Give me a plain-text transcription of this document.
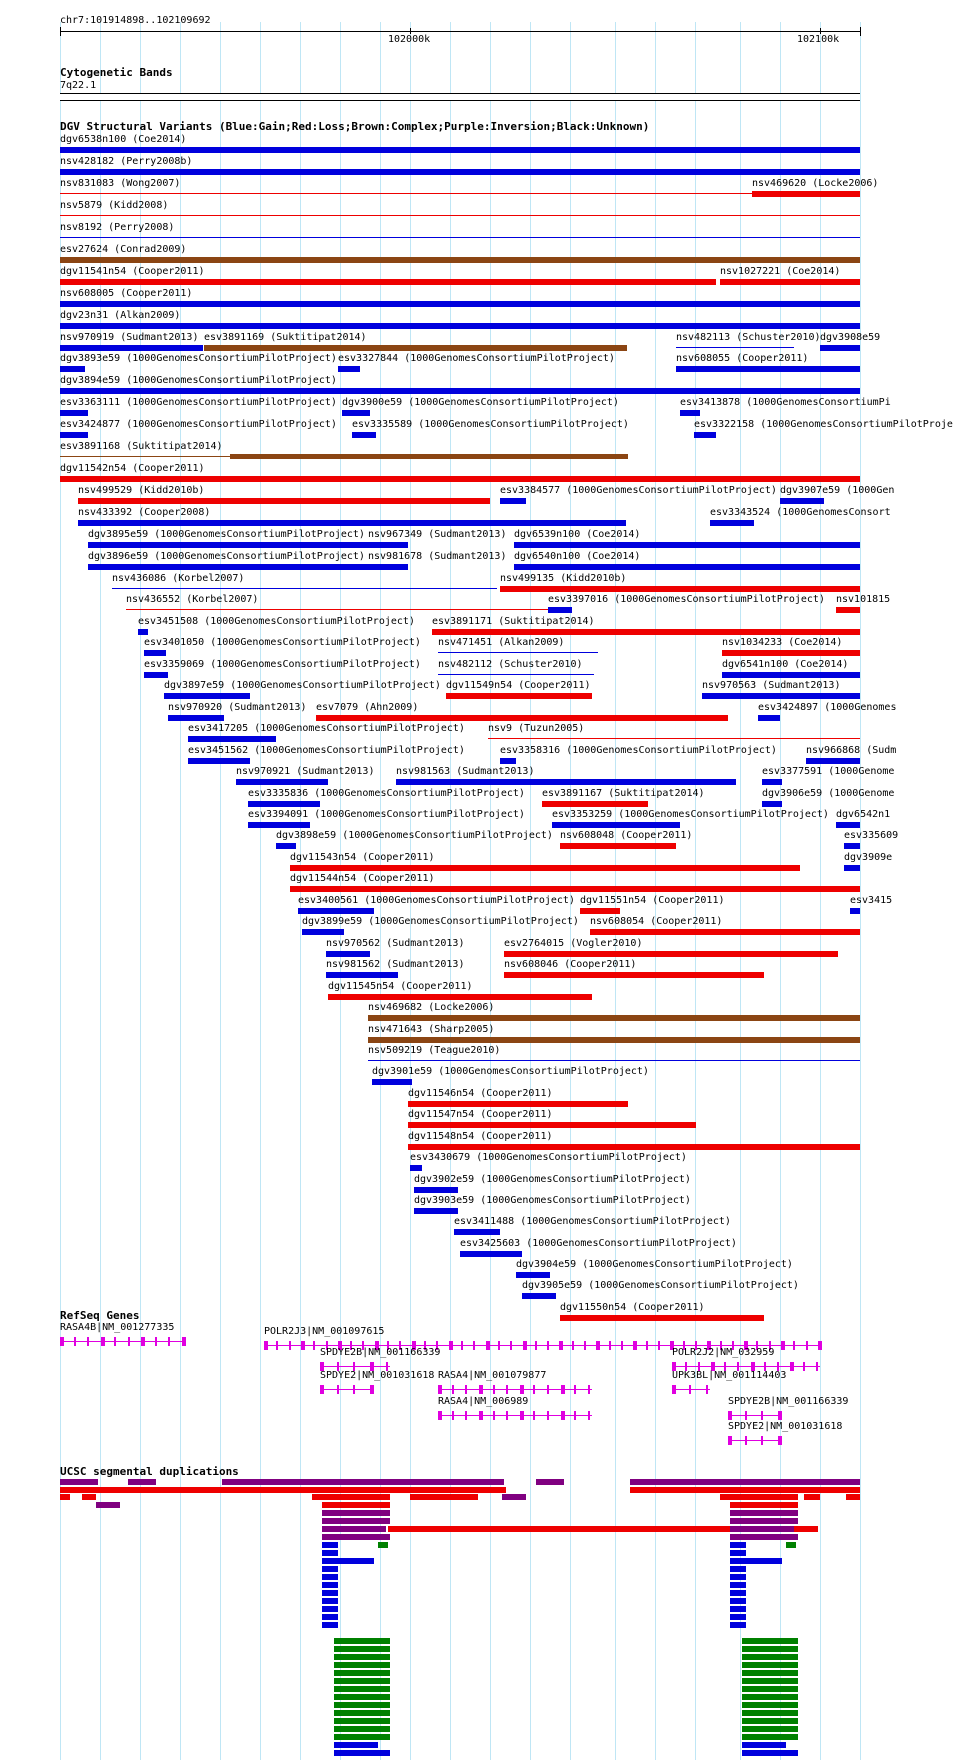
chr7:101914898..102109692
102000k	102100k
Cytogenetic Bands
7q22.1
DGV Structural Variants (Blue:Gain;Red:Loss;Brown:Complex;Purple:Inversion;Black:Unknown)
dgv6538n100 (Coe2014)
nsv428182 (Perry2008b)
nsv831083 (Wong2007)	nsv469620 (Locke2006)
nsv5879 (Kidd2008)
nsv8192 (Perry2008)
esv27624 (Conrad2009)
dgv11541n54 (Cooper2011)	nsv1027221 (Coe2014)
nsv608005 (Cooper2011)
dgv23n31 (Alkan2009)
nsv970919 (Sudmant2013) esv3891169 (Suktitipat2014)	nsv482113 (Schuster2010) dgv3908e59
dgv3893e59 (1000GenomesConsortiumPilotProject) esv3327844 (1000GenomesConsortiumPilotProject)	nsv608055 (Cooper2011)
dgv3894e59 (1000GenomesConsortiumPilotProject)
esv3363111 (1000GenomesConsortiumPilotProject) dgv3900e59 (1000GenomesConsortiumPilotProject)	esv3413878 (1000GenomesConsortiumPi
esv3424877 (1000GenomesConsortiumPilotProject) esv3335589 (1000GenomesConsortiumPilotProject)	esv3322158 (1000GenomesConsortiumPilotProje
esv3891168 (Suktitipat2014)
dgv11542n54 (Cooper2011)
nsv499529 (Kidd2010b)	esv3384577 (1000GenomesConsortiumPilotProject) dgv3907e59 (1000Gen
nsv433392 (Cooper2008)	esv3343524 (1000GenomesConsort
dgv3895e59 (1000GenomesConsortiumPilotProject) nsv967349 (Sudmant2013) dgv6539n100 (Coe2014)
dgv3896e59 (1000GenomesConsortiumPilotProject) nsv981678 (Sudmant2013) dgv6540n100 (Coe2014)
nsv436086 (Korbel2007)	nsv499135 (Kidd2010b)
nsv436552 (Korbel2007)	esv3397016 (1000GenomesConsortiumPilotProject) nsv101815
esv3451508 (1000GenomesConsortiumPilotProject) esv3891171 (Suktitipat2014)
esv3401050 (1000GenomesConsortiumPilotProject) nsv471451 (Alkan2009)	nsv1034233 (Coe2014)
esv3359069 (1000GenomesConsortiumPilotProject) nsv482112 (Schuster2010)	dgv6541n100 (Coe2014)
dgv3897e59 (1000GenomesConsortiumPilotProject) dgv11549n54 (Cooper2011)	nsv970563 (Sudmant2013)
nsv970920 (Sudmant2013) esv7079 (Ahn2009)	esv3424897 (1000Genomes
esv3417205 (1000GenomesConsortiumPilotProject) nsv9 (Tuzun2005)
esv3451562 (1000GenomesConsortiumPilotProject)	esv3358316 (1000GenomesConsortiumPilotProject)	nsv966868 (Sudm
nsv970921 (Sudmant2013) nsv981563 (Sudmant2013)	esv3377591 (1000Genome
esv3335836 (1000GenomesConsortiumPilotProject) esv3891167 (Suktitipat2014)	dgv3906e59 (1000Genome
esv3394091 (1000GenomesConsortiumPilotProject)	esv3353259 (1000GenomesConsortiumPilotProject) dgv6542n1
dgv3898e59 (1000GenomesConsortiumPilotProject) nsv608048 (Cooper2011)	esv335609
dgv11543n54 (Cooper2011)	dgv3909e
dgv11544n54 (Cooper2011)
esv3400561 (1000GenomesConsortiumPilotProject) dgv11551n54 (Cooper2011)	esv3415
dgv3899e59 (1000GenomesConsortiumPilotProject) nsv608054 (Cooper2011)
nsv970562 (Sudmant2013)	esv2764015 (Vogler2010)
nsv981562 (Sudmant2013)	nsv608046 (Cooper2011)
dgv11545n54 (Cooper2011)
nsv469682 (Locke2006)
nsv471643 (Sharp2005)
nsv509219 (Teague2010)
dgv3901e59 (1000GenomesConsortiumPilotProject)
dgv11546n54 (Cooper2011)
dgv11547n54 (Cooper2011)
dgv11548n54 (Cooper2011)
esv3430679 (1000GenomesConsortiumPilotProject)
dgv3902e59 (1000GenomesConsortiumPilotProject)
dgv3903e59 (1000GenomesConsortiumPilotProject)
esv3411488 (1000GenomesConsortiumPilotProject)
esv3425603 (1000GenomesConsortiumPilotProject)
dgv3904e59 (1000GenomesConsortiumPilotProject)
dgv3905e59 (1000GenomesConsortiumPilotProject)
dgv11550n54 (Cooper2011)
RefSeq Genes
RASA4B|NM_001277335	POLR2J3|NM_001097615
SPDYE2B|NM_001166339
SPDYE2|NM_001031618 RASA4|NM_001079877
RASA4|NM_006989
POLR2J2|NM_032959
UPK3BL|NM_001114403
SPDYE2B|NM_001166339
SPDYE2|NM_001031618
UCSC segmental duplications
